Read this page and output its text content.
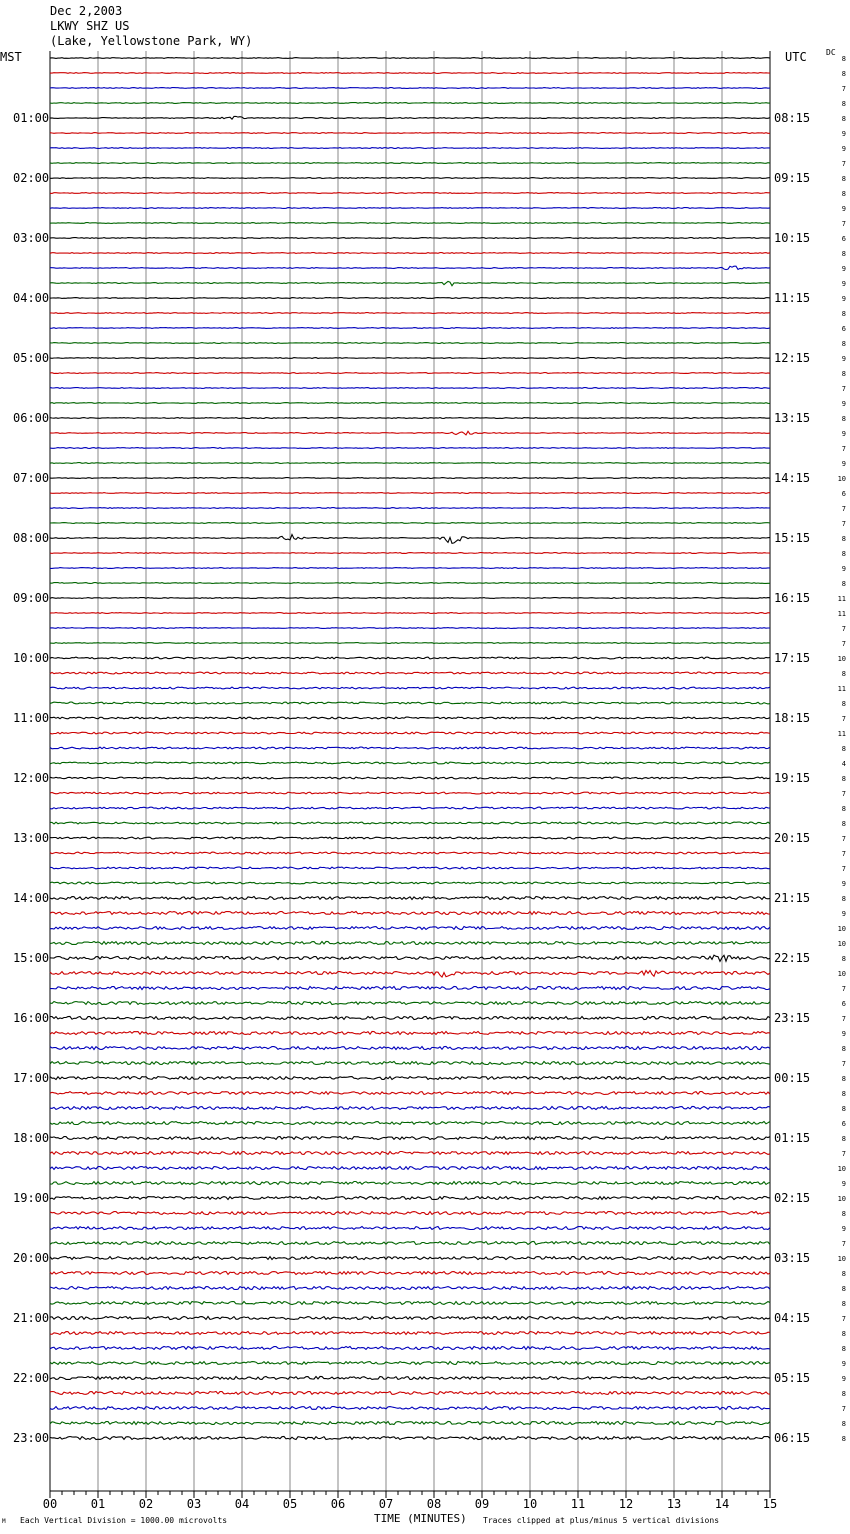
Dec 2,2003
LKWY SHZ US
(Lake, Yellowstone Park, WY)
MST	UTC DC
01:00
02:00
03:00
04:00
05:00
06:00
07:00
08:00
09:00
10:00
11:00
12:00
13:00
14:00
15:00
16:00
17:00
18:00
19:00
20:00
21:00
22:00
23:00
08:15
09:15
10:15
11:15
12:15
13:15
14:15
15:15
16:15
17:15
18:15
19:15
20:15
21:15
22:15
23:15
00:15
01:15
02:15
03:15
04:15
05:15
06:15
8
8
7
8
8
9
9
7
8
8
9
7
6
8
9
9
9
8
6
8
9
8
7
9
8
9
7
9
10
6
7
7
8
8
9
8
11
11
7
7
10
8
11
8
7
11
8
4
8
7
8
8
7
7
7
9
8
9
10
10
8
10
7
6
7
9
8
7
8
8
8
6
8
7
10
9
10
8
9
7
10
8
8
8
7
8
8
9
9
8
7
8
8
00	01	02	03	04	05	06	07	08	09	10	11	12	13	14	15
TIME (MINUTES)
Each Vertical Division = 1000.00 microvolts	Traces clipped at plus/minus 5 vertical divisions
M
